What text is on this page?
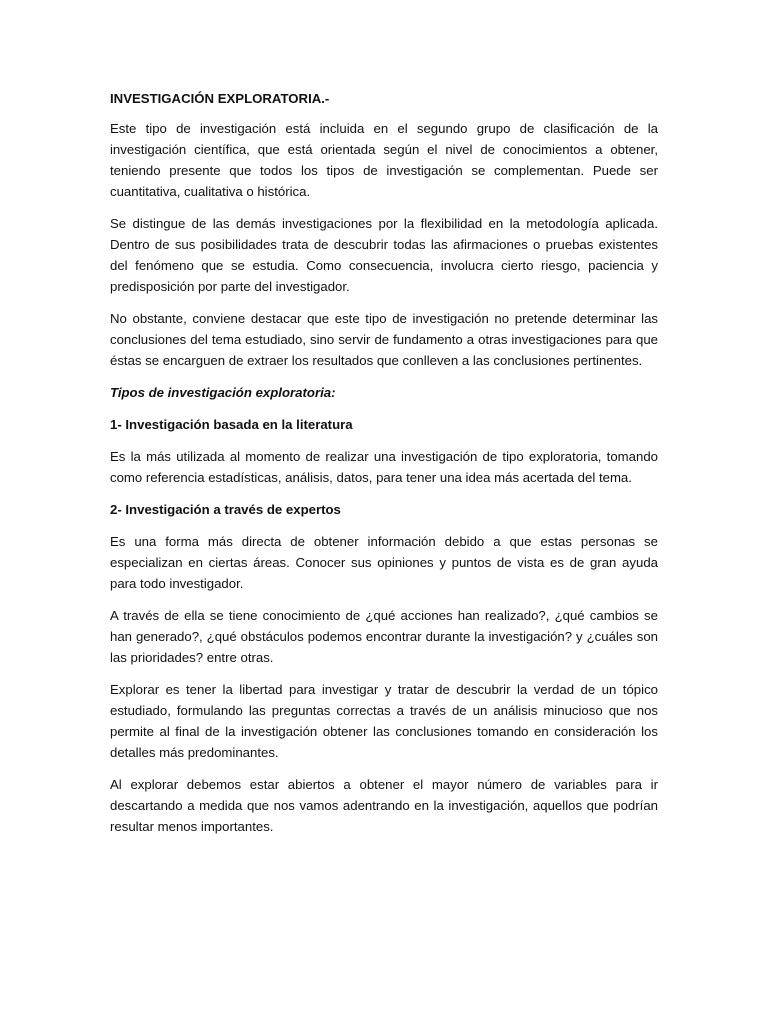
INVESTIGACIÓN EXPLORATORIA.-

Este tipo de investigación está incluida en el segundo grupo de clasificación de la investigación científica, que está orientada según el nivel de conocimientos a obtener, teniendo presente que todos los tipos de investigación se complementan. Puede ser cuantitativa, cualitativa o histórica.

Se distingue de las demás investigaciones por la flexibilidad en la metodología aplicada. Dentro de sus posibilidades trata de descubrir todas las afirmaciones o pruebas existentes del fenómeno que se estudia. Como consecuencia, involucra cierto riesgo, paciencia y predisposición por parte del investigador.

No obstante, conviene destacar que este tipo de investigación no pretende determinar las conclusiones del tema estudiado, sino servir de fundamento a otras investigaciones para que éstas se encarguen de extraer los resultados que conlleven a las conclusiones pertinentes.

Tipos de investigación exploratoria:

1- Investigación basada en la literatura

Es la más utilizada al momento de realizar una investigación de tipo exploratoria, tomando como referencia estadísticas, análisis, datos, para tener una idea más acertada del tema.

2- Investigación a través de expertos

Es una forma más directa de obtener información debido a que estas personas se especializan en ciertas áreas. Conocer sus opiniones y puntos de vista es de gran ayuda para todo investigador.

A través de ella se tiene conocimiento de ¿qué acciones han realizado?, ¿qué cambios se han generado?, ¿qué obstáculos podemos encontrar durante la investigación? y ¿cuáles son las prioridades? entre otras.

Explorar es tener la libertad para investigar y tratar de descubrir la verdad de un tópico estudiado, formulando las preguntas correctas a través de un análisis minucioso que nos permite al final de la investigación obtener las conclusiones tomando en consideración los detalles más predominantes.

Al explorar debemos estar abiertos a obtener el mayor número de variables para ir descartando a medida que nos vamos adentrando en la investigación, aquellos que podrían resultar menos importantes.
